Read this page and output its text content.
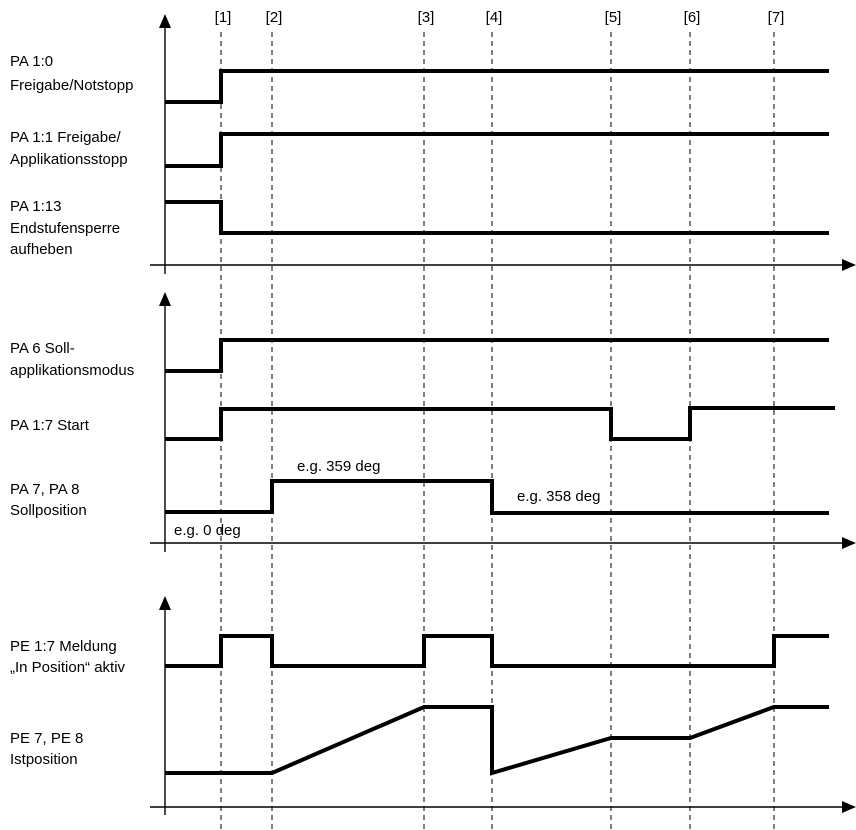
[1] [2]	[3]	[4]	[5]	[6]	[7]
PA 1:0 Freigabe/Notstopp
PA 1:1 Freigabe/ Applikationsstopp
PA 1:13 Endstufensperre aufheben
PA 6 Soll- applikationsmodus
PA 1:7 Start
PA 7, PA 8 Sollposition
e.g. 359 deg
e.g. 358 deg
e.g. 0 deg
PE 1:7 Meldung „In Position“ aktiv
PE 7, PE 8 Istposition
